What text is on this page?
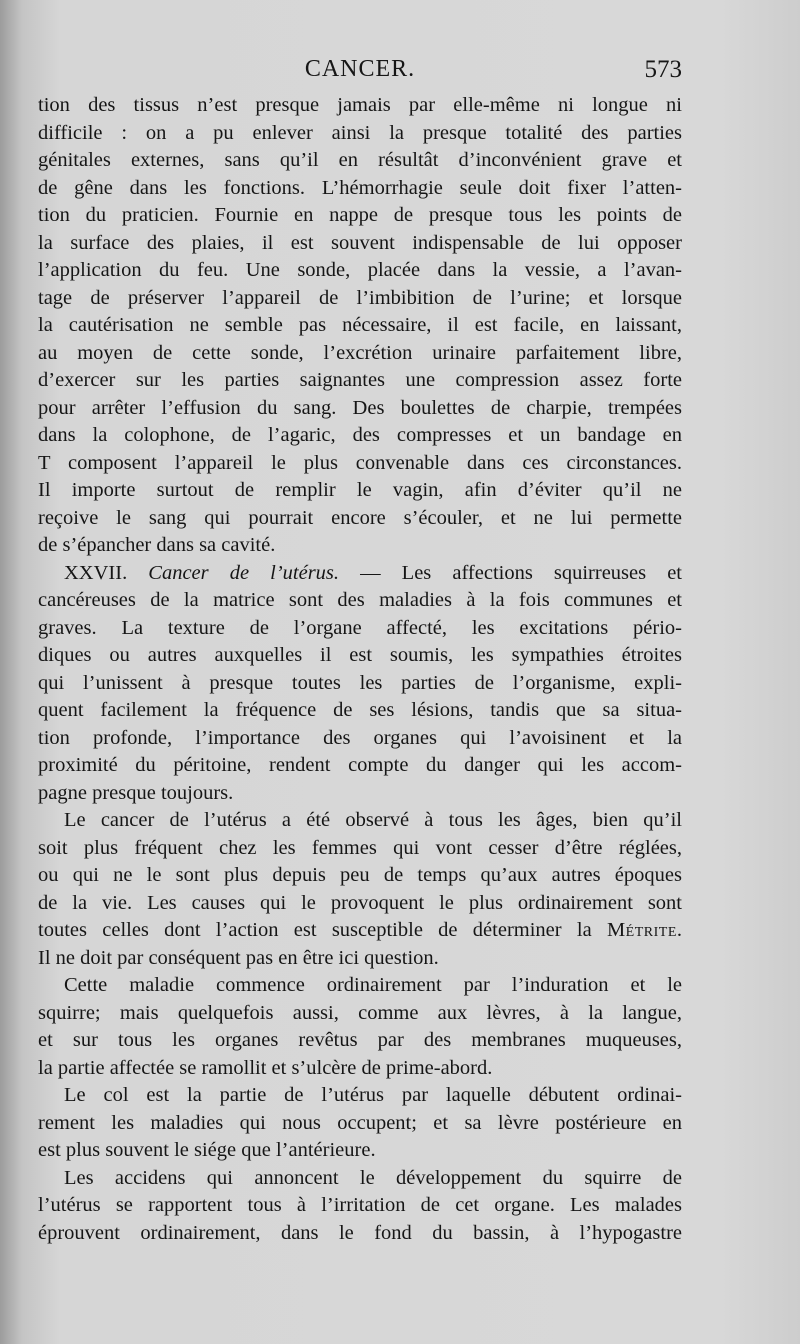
CANCER.	573
tion des tissus n’est presque jamais par elle-même ni longue ni
difficile : on a pu enlever ainsi la presque totalité des parties
génitales externes, sans qu’il en résultât d’inconvénient grave et
de gêne dans les fonctions. L’hémorrhagie seule doit fixer l’atten-
tion du praticien. Fournie en nappe de presque tous les points de
la surface des plaies, il est souvent indispensable de lui opposer
l’application du feu. Une sonde, placée dans la vessie, a l’avan-
tage de préserver l’appareil de l’imbibition de l’urine; et lorsque
la cautérisation ne semble pas nécessaire, il est facile, en laissant,
au moyen de cette sonde, l’excrétion urinaire parfaitement libre,
d’exercer sur les parties saignantes une compression assez forte
pour arrêter l’effusion du sang. Des boulettes de charpie, trempées
dans la colophone, de l’agaric, des compresses et un bandage en
T composent l’appareil le plus convenable dans ces circonstances.
Il importe surtout de remplir le vagin, afin d’éviter qu’il ne
reçoive le sang qui pourrait encore s’écouler, et ne lui permette
de s’épancher dans sa cavité.
XXVII. Cancer de l’utérus. — Les affections squirreuses et
cancéreuses de la matrice sont des maladies à la fois communes et
graves. La texture de l’organe affecté, les excitations pério-
diques ou autres auxquelles il est soumis, les sympathies étroites
qui l’unissent à presque toutes les parties de l’organisme, expli-
quent facilement la fréquence de ses lésions, tandis que sa situa-
tion profonde, l’importance des organes qui l’avoisinent et la
proximité du péritoine, rendent compte du danger qui les accom-
pagne presque toujours.
Le cancer de l’utérus a été observé à tous les âges, bien qu’il
soit plus fréquent chez les femmes qui vont cesser d’être réglées,
ou qui ne le sont plus depuis peu de temps qu’aux autres époques
de la vie. Les causes qui le provoquent le plus ordinairement sont
toutes celles dont l’action est susceptible de déterminer la Métrite.
Il ne doit par conséquent pas en être ici question.
Cette maladie commence ordinairement par l’induration et le
squirre; mais quelquefois aussi, comme aux lèvres, à la langue,
et sur tous les organes revêtus par des membranes muqueuses,
la partie affectée se ramollit et s’ulcère de prime-abord.
Le col est la partie de l’utérus par laquelle débutent ordinai-
rement les maladies qui nous occupent; et sa lèvre postérieure en
est plus souvent le siége que l’antérieure.
Les accidens qui annoncent le développement du squirre de
l’utérus se rapportent tous à l’irritation de cet organe. Les malades
éprouvent ordinairement, dans le fond du bassin, à l’hypogastre
